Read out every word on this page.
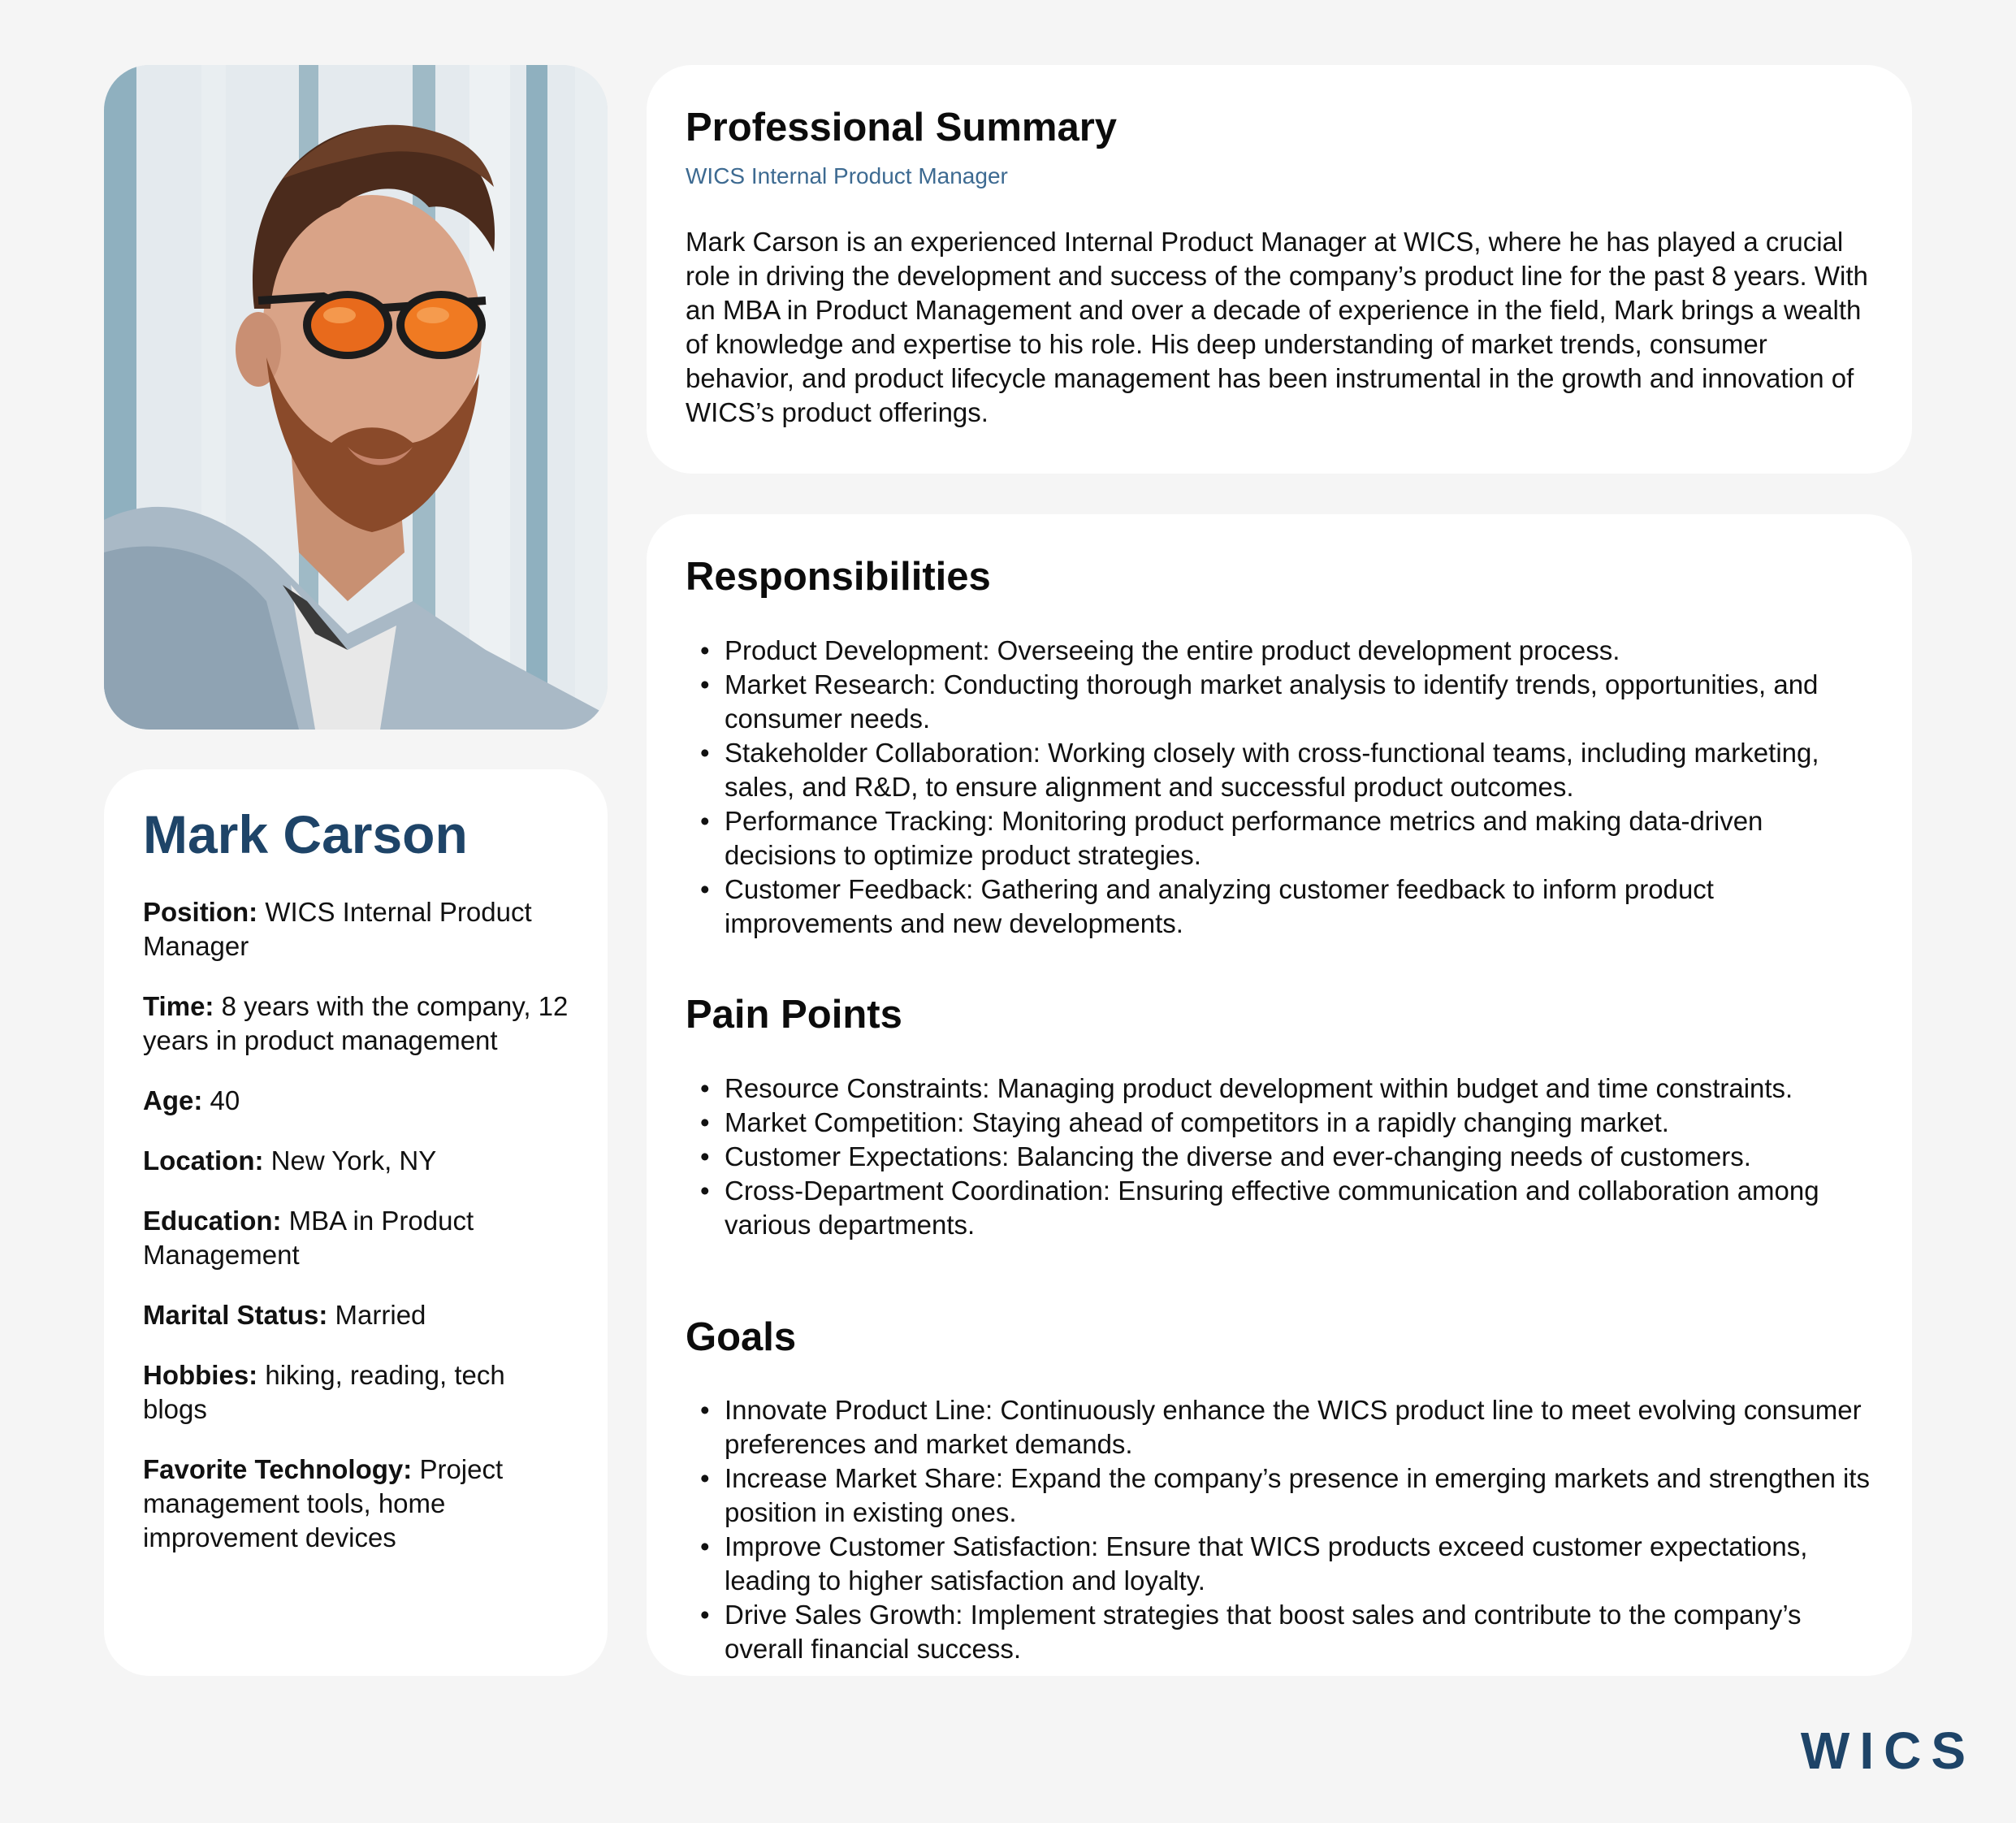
Mark Carson

Position: WICS Internal Product Manager

Time: 8 years with the company, 12 years in product management

Age: 40

Location: New York, NY

Education: MBA in Product Management

Marital Status: Married

Hobbies: hiking, reading, tech blogs

Favorite Technology: Project management tools, home improvement devices

Professional Summary
WICS Internal Product Manager

Mark Carson is an experienced Internal Product Manager at WICS, where he has played a crucial role in driving the development and success of the company’s product line for the past 8 years. With an MBA in Product Management and over a decade of experience in the field, Mark brings a wealth of knowledge and expertise to his role. His deep understanding of market trends, consumer behavior, and product lifecycle management has been instrumental in the growth and innovation of WICS’s product offerings.

Responsibilities
• Product Development: Overseeing the entire product development process.
• Market Research: Conducting thorough market analysis to identify trends, opportunities, and consumer needs.
• Stakeholder Collaboration: Working closely with cross-functional teams, including marketing, sales, and R&D, to ensure alignment and successful product outcomes.
• Performance Tracking: Monitoring product performance metrics and making data-driven decisions to optimize product strategies.
• Customer Feedback: Gathering and analyzing customer feedback to inform product improvements and new developments.
Pain Points
• Resource Constraints: Managing product development within budget and time constraints.
• Market Competition: Staying ahead of competitors in a rapidly changing market.
• Customer Expectations: Balancing the diverse and ever-changing needs of customers.
• Cross-Department Coordination: Ensuring effective communication and collaboration among various departments.
Goals
• Innovate Product Line: Continuously enhance the WICS product line to meet evolving consumer preferences and market demands.
• Increase Market Share: Expand the company’s presence in emerging markets and strengthen its position in existing ones.
• Improve Customer Satisfaction: Ensure that WICS products exceed customer expectations, leading to higher satisfaction and loyalty.
• Drive Sales Growth: Implement strategies that boost sales and contribute to the company’s overall financial success.
WICS
